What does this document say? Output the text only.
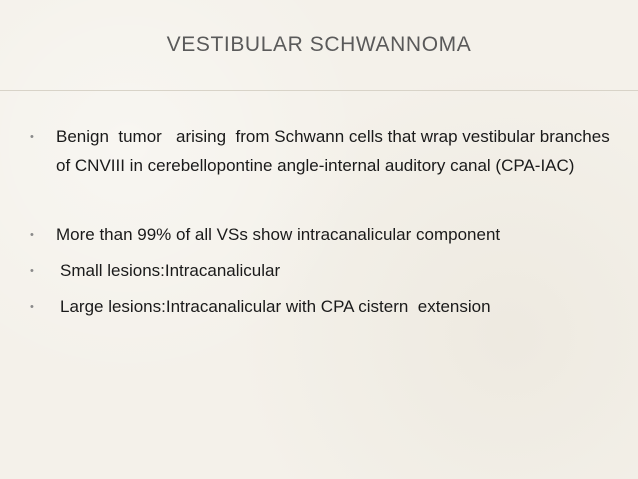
VESTIBULAR SCHWANNOMA
• Benign  tumor   arising  from Schwann cells that wrap vestibular branches of CNVIII in cerebellopontine angle-internal auditory canal (CPA-IAC)
• More than 99% of all VSs show intracanalicular component
• Small lesions:Intracanalicular
• Large lesions:Intracanalicular with CPA cistern  extension
